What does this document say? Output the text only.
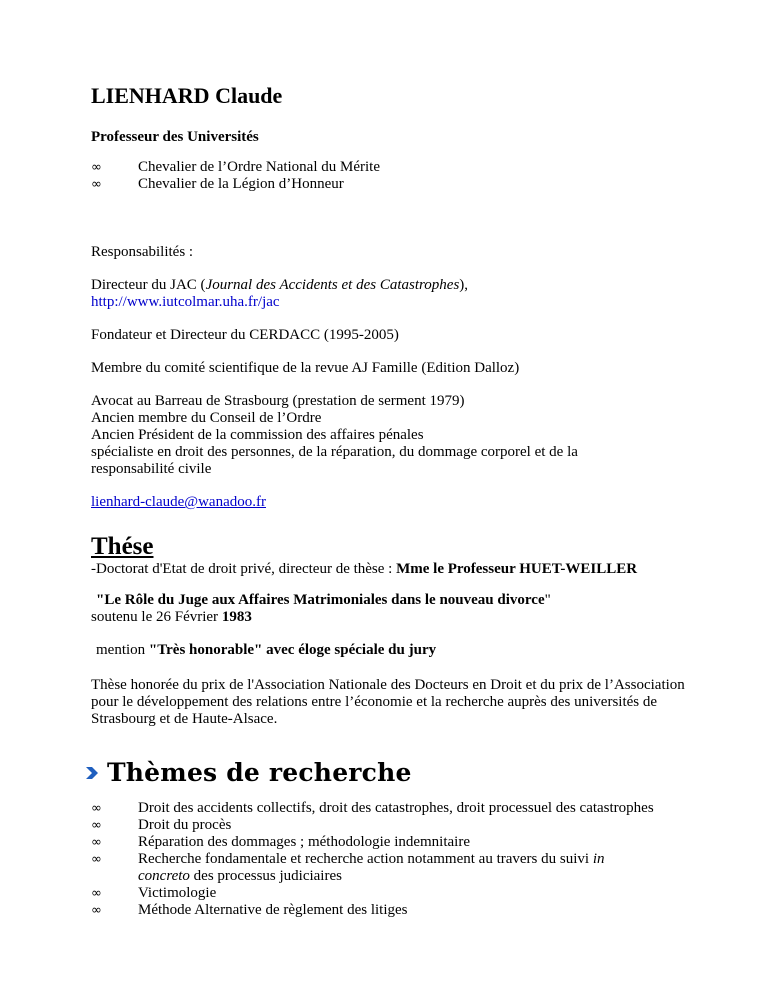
LIENHARD Claude
Professeur des Universités
∞	Chevalier de l’Ordre National du Mérite
∞	Chevalier de la Légion d’Honneur

Responsabilités :

Directeur du JAC (Journal des Accidents et des Catastrophes),
http://www.iutcolmar.uha.fr/jac

Fondateur et Directeur du CERDACC (1995-2005)

Membre du comité scientifique de la revue AJ Famille (Edition Dalloz)

Avocat au Barreau de Strasbourg (prestation de serment 1979)
Ancien membre du Conseil de l’Ordre
Ancien Président de la commission des affaires pénales
spécialiste en droit des personnes, de la réparation, du dommage corporel et de la
responsabilité civile

lienhard-claude@wanadoo.fr

Thése

-Doctorat d'Etat de droit privé, directeur de thèse : Mme le Professeur HUET-WEILLER

"Le Rôle du Juge aux Affaires Matrimoniales dans le nouveau divorce"

soutenu le 26 Février 1983

mention "Très honorable" avec éloge spéciale du jury

Thèse honorée du prix de l'Association Nationale des Docteurs en Droit et du prix de l’Association pour le développement des relations entre l’économie et la recherche auprès des universités de Strasbourg et de Haute-Alsace.

Thèmes de recherche
∞	Droit des accidents collectifs, droit des catastrophes, droit processuel des catastrophes
∞	Droit du procès
∞	Réparation des dommages ; méthodologie indemnitaire
∞	Recherche fondamentale et recherche action notamment au travers du suivi in
concreto des processus judiciaires
∞	Victimologie
∞	Méthode Alternative de règlement des litiges
